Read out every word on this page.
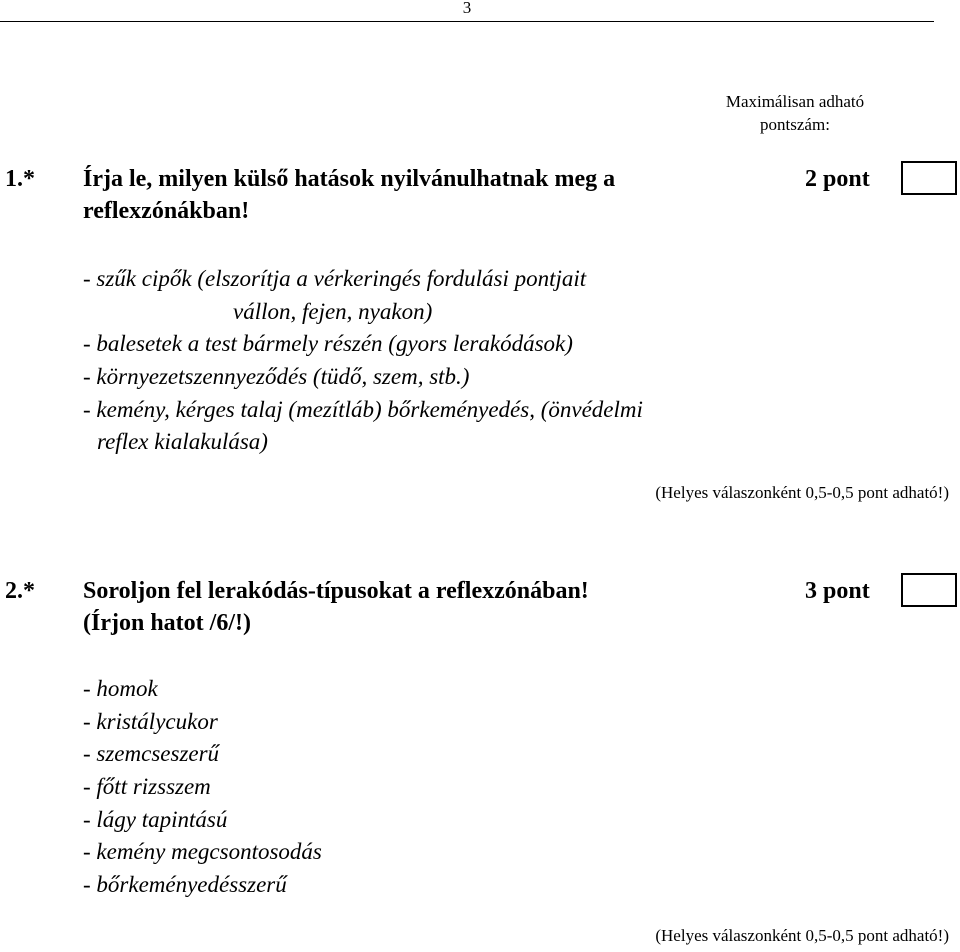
3
Maximálisan adható
pontszám:
1.* Írja le, milyen külső hatások nyilvánulhatnak meg a
reflexzónákban!
2 pont
- szűk cipők (elszorítja a vérkeringés fordulási pontjait
vállon, fejen, nyakon)
- balesetek a test bármely részén (gyors lerakódások)
- környezetszennyeződés (tüdő, szem, stb.)
- kemény, kérges talaj (mezítláb) bőrkeményedés, (önvédelmi
reflex kialakulása)
(Helyes válaszonként 0,5-0,5 pont adható!)
2.* Soroljon fel lerakódás-típusokat a reflexzónában!
(Írjon hatot /6/!)
3 pont
- homok
- kristálycukor
- szemcseszerű
- főtt rizsszem
- lágy tapintású
- kemény megcsontosodás
- bőrkeményedésszerű
(Helyes válaszonként 0,5-0,5 pont adható!)
